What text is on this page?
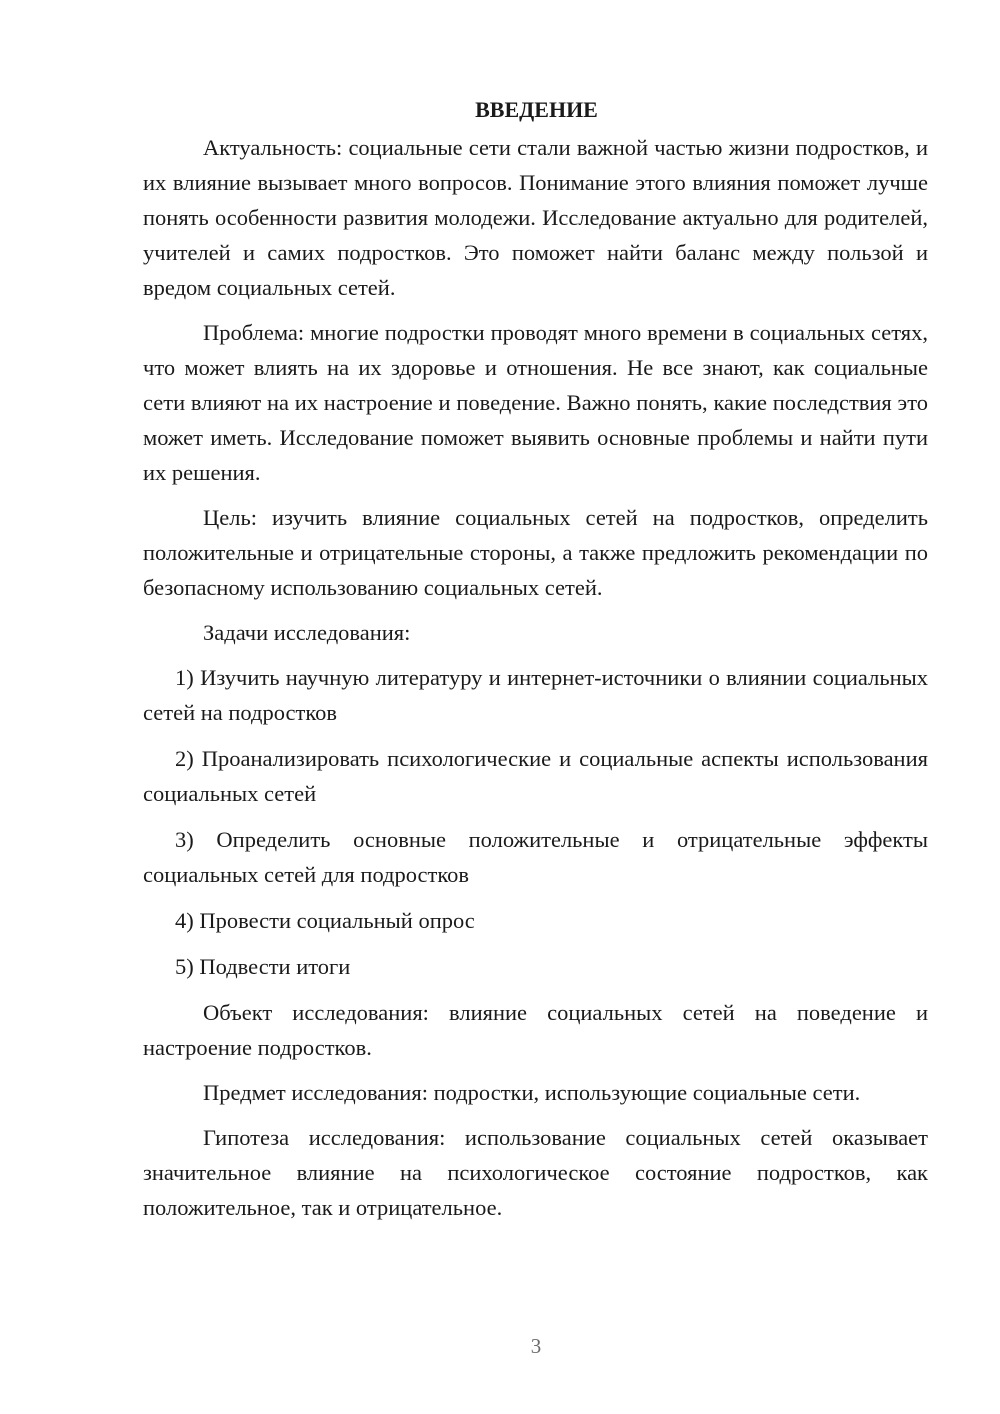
ВВЕДЕНИЕ

Актуальность: социальные сети стали важной частью жизни подростков, и их влияние вызывает много вопросов. Понимание этого влияния поможет лучше понять особенности развития молодежи. Исследование актуально для родителей, учителей и самих подростков. Это поможет найти баланс между пользой и вредом социальных сетей.

Проблема: многие подростки проводят много времени в социальных сетях, что может влиять на их здоровье и отношения. Не все знают, как социальные сети влияют на их настроение и поведение. Важно понять, какие последствия это может иметь. Исследование поможет выявить основные проблемы и найти пути их решения.

Цель: изучить влияние социальных сетей на подростков, определить положительные и отрицательные стороны, а также предложить рекомендации по безопасному использованию социальных сетей.

Задачи исследования:

1) Изучить научную литературу и интернет-источники о влиянии социальных сетей на подростков

2) Проанализировать психологические и социальные аспекты использования социальных сетей

3) Определить основные положительные и отрицательные эффекты социальных сетей для подростков

4) Провести социальный опрос

5) Подвести итоги

Объект исследования: влияние социальных сетей на поведение и настроение подростков.

Предмет исследования: подростки, использующие социальные сети.

Гипотеза исследования: использование социальных сетей оказывает значительное влияние на психологическое состояние подростков, как положительное, так и отрицательное.

3
